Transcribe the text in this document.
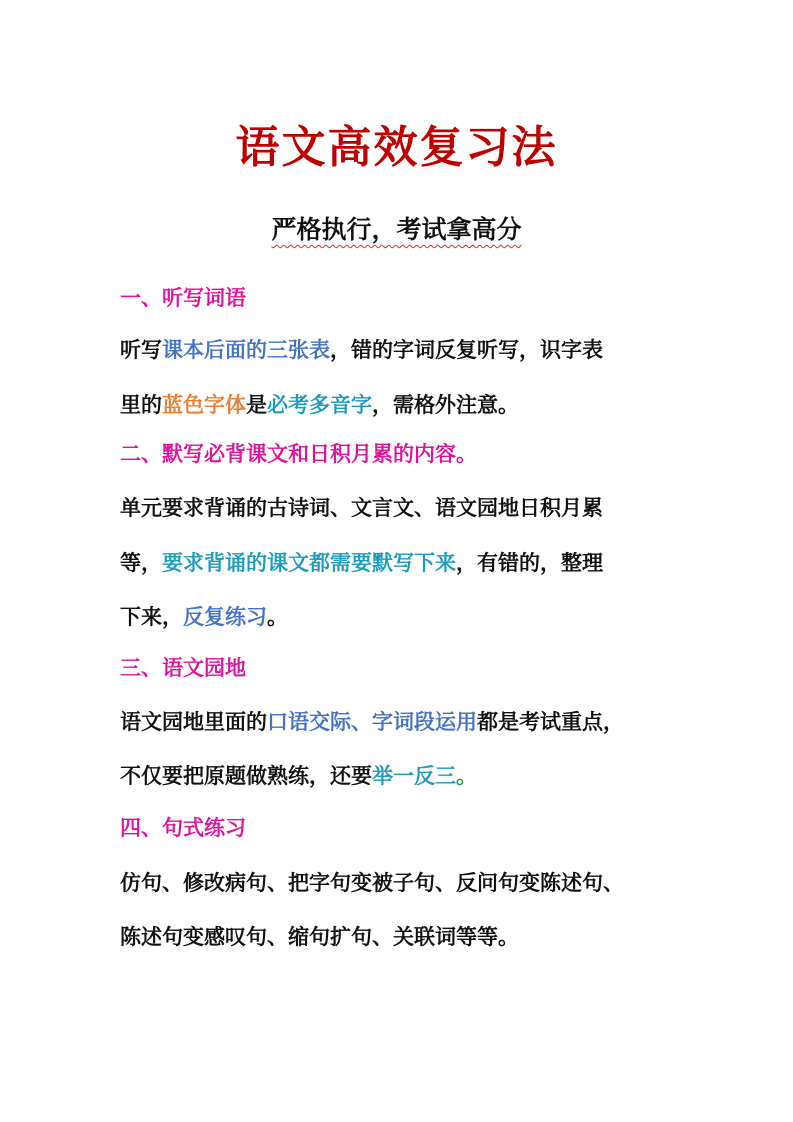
语文高效复习法
严格执行，考试拿高分
一、听写词语
听写课本后面的三张表，错的字词反复听写，识字表
里的蓝色字体是必考多音字，需格外注意。
二、默写必背课文和日积月累的内容。
单元要求背诵的古诗词、文言文、语文园地日积月累
等，要求背诵的课文都需要默写下来，有错的，整理
下来，反复练习。
三、语文园地
语文园地里面的口语交际、字词段运用都是考试重点，
不仅要把原题做熟练，还要举一反三。
四、句式练习
仿句、修改病句、把字句变被子句、反问句变陈述句、
陈述句变感叹句、缩句扩句、关联词等等。
